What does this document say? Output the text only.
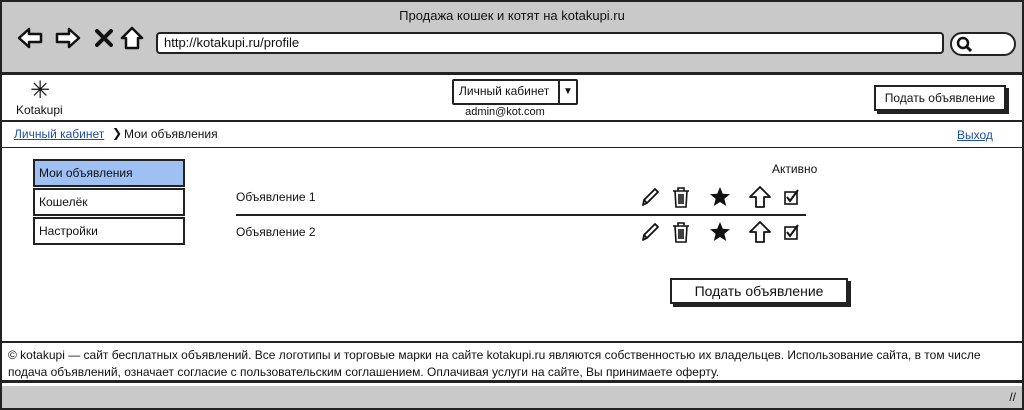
Продажа кошек и котят на kotakupi.ru
http://kotakupi.ru/profile
✳
Kotakupi
Личный кабинет	▼
admin@kot.com
Подать объявление
Личный кабинет ❯ Мои объявления	Выход
Мои объявления
Кошелёк
Настройки
Активно
Объявление 1
Объявление 2
Подать объявление
© kotakupi — сайт бесплатных объявлений. Все логотипы и торговые марки на сайте kotakupi.ru являются собственностью их владельцев. Использование сайта, в том числе подача объявлений, означает согласие с пользовательским соглашением. Оплачивая услуги на сайте, Вы принимаете оферту.
//
